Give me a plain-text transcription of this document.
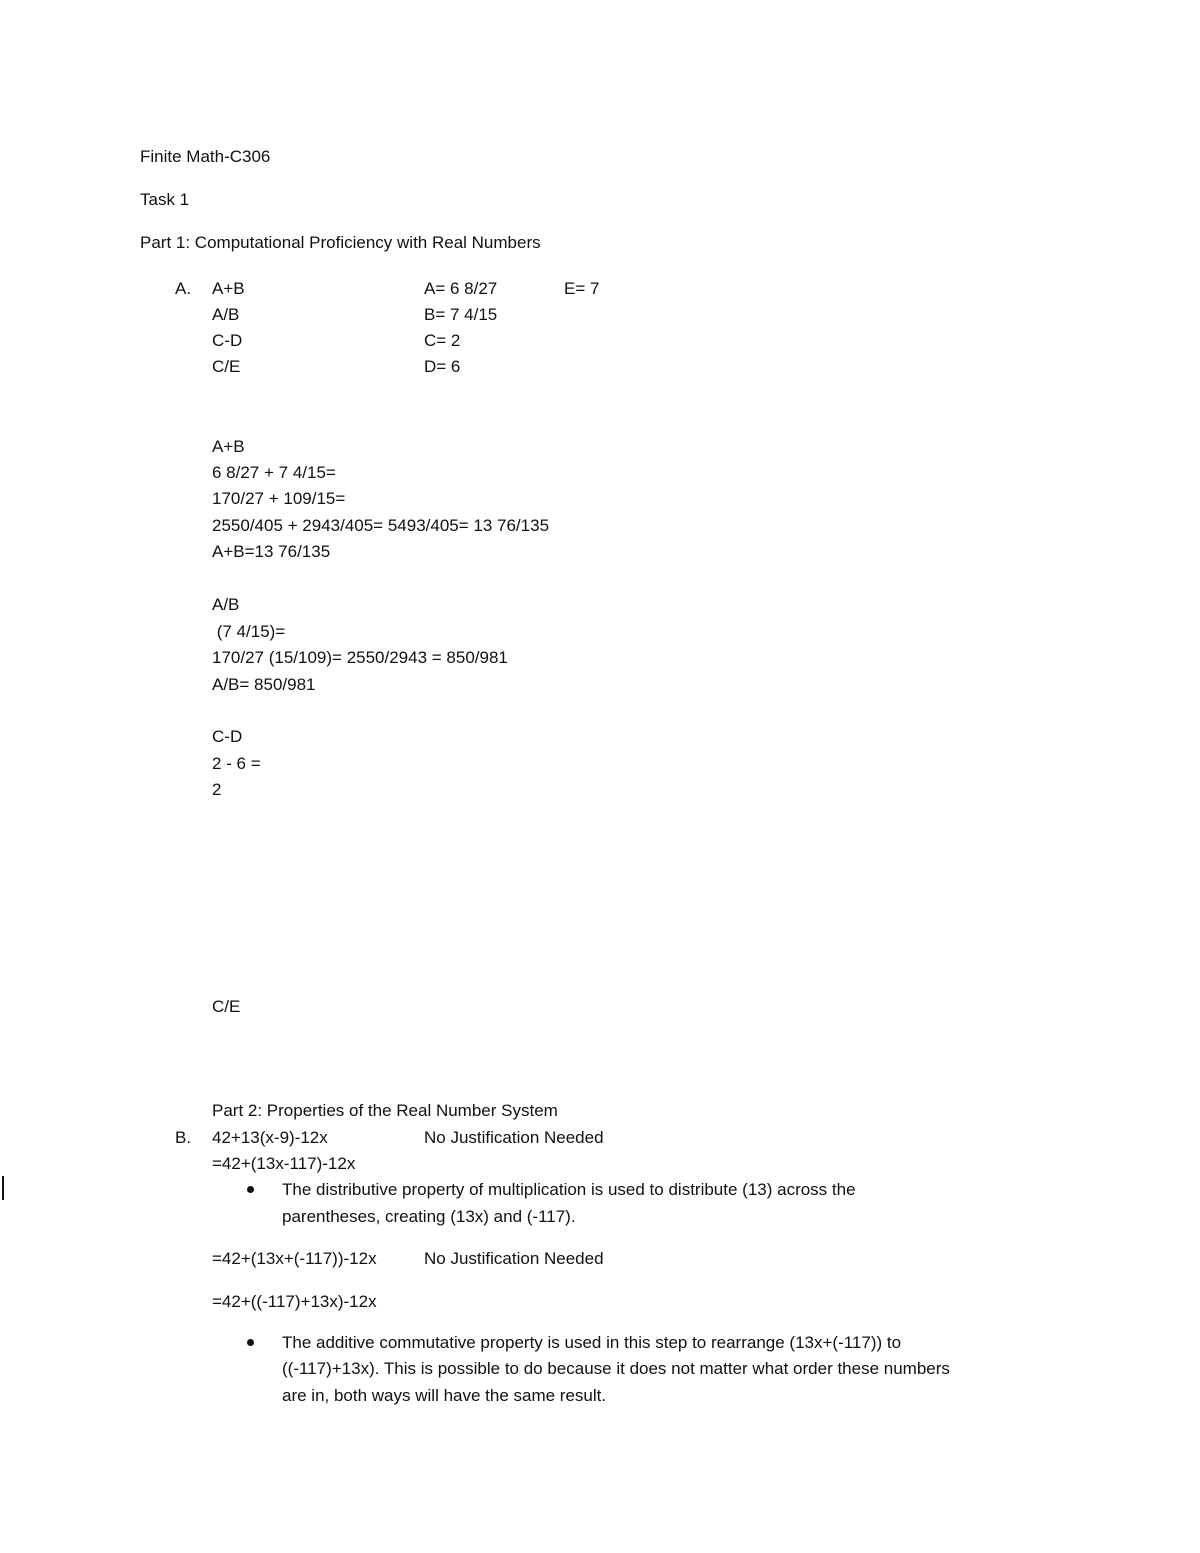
Finite Math-C306
Task 1
Part 1: Computational Proficiency with Real Numbers
A. A+B
A/B
C-D
C/E
A= 6 8/27
B= 7 4/15
C= 2
D= 6
E= 7
A+B
6 8/27 + 7 4/15=
170/27 + 109/15=
2550/405 + 2943/405= 5493/405= 13 76/135
A+B=13 76/135
A/B
(7 4/15)=
170/27 (15/109)= 2550/2943 = 850/981
A/B= 850/981
C-D
2 - 6 =
2
C/E
Part 2: Properties of the Real Number System
B. 42+13(x-9)-12x	No Justification Needed
=42+(13x-117)-12x
The distributive property of multiplication is used to distribute (13) across the
parentheses, creating (13x) and (-117).
=42+(13x+(-117))-12x	No Justification Needed
=42+((-117)+13x)-12x
The additive commutative property is used in this step to rearrange (13x+(-117)) to
((-117)+13x). This is possible to do because it does not matter what order these numbers
are in, both ways will have the same result.
